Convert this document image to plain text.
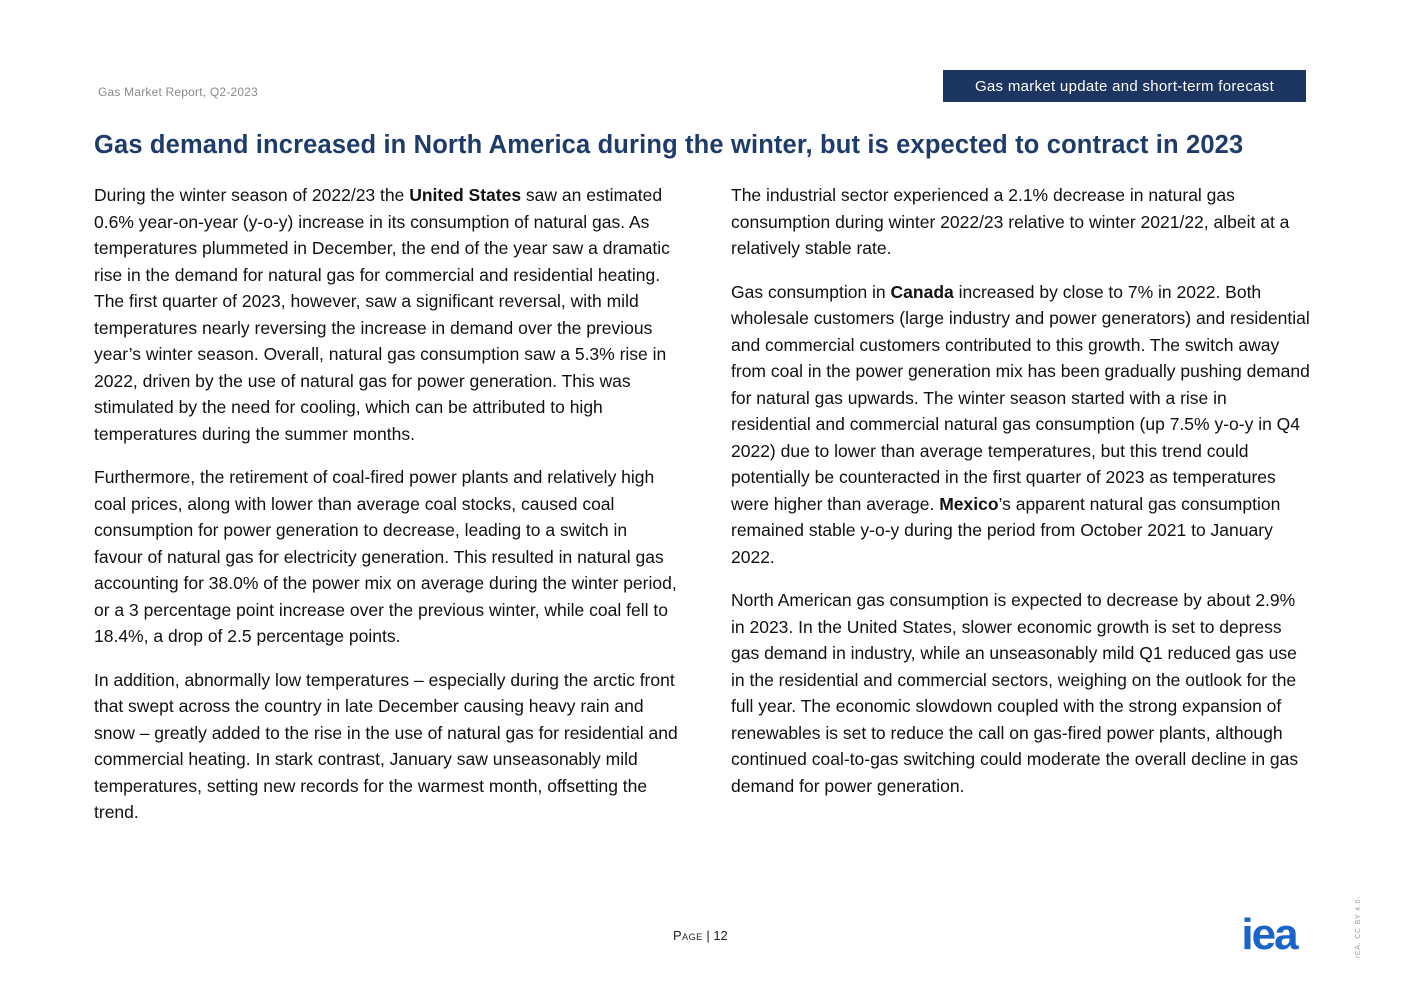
Gas Market Report, Q2-2023	Gas market update and short-term forecast
Gas demand increased in North America during the winter, but is expected to contract in 2023

During the winter season of 2022/23 the United States saw an estimated 0.6% year-on-year (y-o-y) increase in its consumption of natural gas. As temperatures plummeted in December, the end of the year saw a dramatic rise in the demand for natural gas for commercial and residential heating. The first quarter of 2023, however, saw a significant reversal, with mild temperatures nearly reversing the increase in demand over the previous year’s winter season. Overall, natural gas consumption saw a 5.3% rise in 2022, driven by the use of natural gas for power generation. This was stimulated by the need for cooling, which can be attributed to high temperatures during the summer months.

Furthermore, the retirement of coal-fired power plants and relatively high coal prices, along with lower than average coal stocks, caused coal consumption for power generation to decrease, leading to a switch in favour of natural gas for electricity generation. This resulted in natural gas accounting for 38.0% of the power mix on average during the winter period, or a 3 percentage point increase over the previous winter, while coal fell to 18.4%, a drop of 2.5 percentage points.

In addition, abnormally low temperatures – especially during the arctic front that swept across the country in late December causing heavy rain and snow – greatly added to the rise in the use of natural gas for residential and commercial heating. In stark contrast, January saw unseasonably mild temperatures, setting new records for the warmest month, offsetting the trend.

The industrial sector experienced a 2.1% decrease in natural gas consumption during winter 2022/23 relative to winter 2021/22, albeit at a relatively stable rate.

Gas consumption in Canada increased by close to 7% in 2022. Both wholesale customers (large industry and power generators) and residential and commercial customers contributed to this growth. The switch away from coal in the power generation mix has been gradually pushing demand for natural gas upwards. The winter season started with a rise in residential and commercial natural gas consumption (up 7.5% y-o-y in Q4 2022) due to lower than average temperatures, but this trend could potentially be counteracted in the first quarter of 2023 as temperatures were higher than average. Mexico’s apparent natural gas consumption remained stable y-o-y during the period from October 2021 to January 2022.

North American gas consumption is expected to decrease by about 2.9% in 2023. In the United States, slower economic growth is set to depress gas demand in industry, while an unseasonably mild Q1 reduced gas use in the residential and commercial sectors, weighing on the outlook for the full year. The economic slowdown coupled with the strong expansion of renewables is set to reduce the call on gas-fired power plants, although continued coal-to-gas switching could moderate the overall decline in gas demand for power generation.

Page | 12	iea	IEA. CC BY 4.0.
